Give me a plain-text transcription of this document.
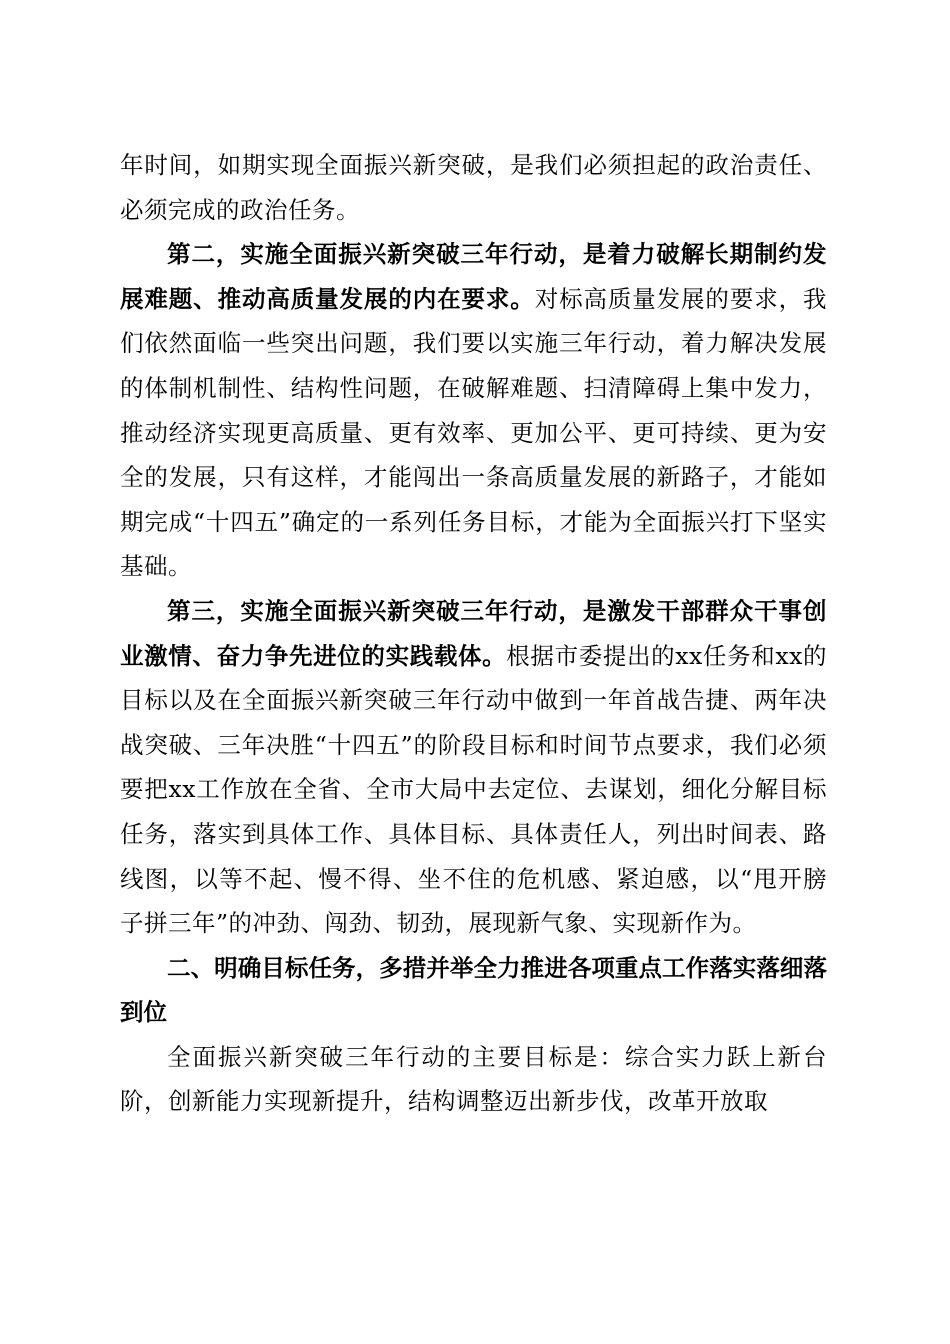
年时间，如期实现全面振兴新突破，是我们必须担起的政治责任、必须完成的政治任务。

第二，实施全面振兴新突破三年行动，是着力破解长期制约发展难题、推动高质量发展的内在要求。对标高质量发展的要求，我们依然面临一些突出问题，我们要以实施三年行动，着力解决发展的体制机制性、结构性问题，在破解难题、扫清障碍上集中发力，推动经济实现更高质量、更有效率、更加公平、更可持续、更为安全的发展，只有这样，才能闯出一条高质量发展的新路子，才能如期完成“十四五”确定的一系列任务目标，才能为全面振兴打下坚实基础。

第三，实施全面振兴新突破三年行动，是激发干部群众干事创业激情、奋力争先进位的实践载体。根据市委提出的xx任务和xx的目标以及在全面振兴新突破三年行动中做到一年首战告捷、两年决战突破、三年决胜“十四五”的阶段目标和时间节点要求，我们必须要把xx工作放在全省、全市大局中去定位、去谋划，细化分解目标任务，落实到具体工作、具体目标、具体责任人，列出时间表、路线图，以等不起、慢不得、坐不住的危机感、紧迫感，以“甩开膀子拼三年”的冲劲、闯劲、韧劲，展现新气象、实现新作为。

二、明确目标任务，多措并举全力推进各项重点工作落实落细落到位

全面振兴新突破三年行动的主要目标是：综合实力跃上新台阶，创新能力实现新提升，结构调整迈出新步伐，改革开放取
